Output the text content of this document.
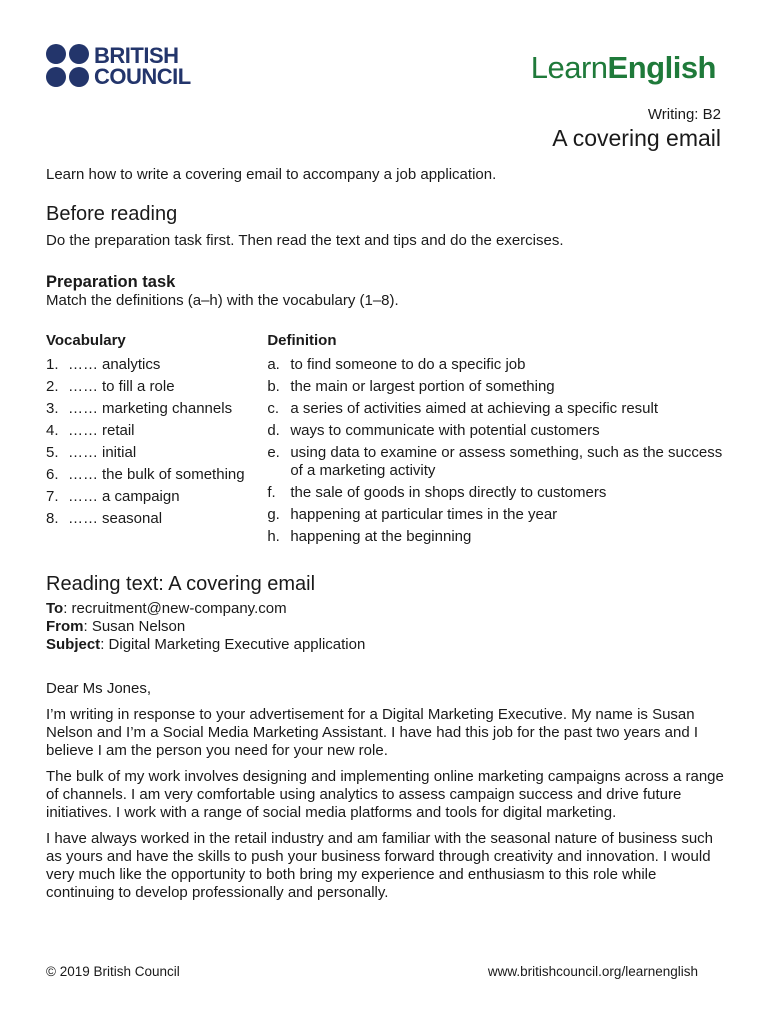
BRITISH
COUNCIL	LearnEnglish
Writing: B2
A covering email

Learn how to write a covering email to accompany a job application.

Before reading

Do the preparation task first. Then read the text and tips and do the exercises.

Preparation task

Match the definitions (a–h) with the vocabulary (1–8).

Vocabulary
1. …… analytics
2. …… to fill a role
3. …… marketing channels
4. …… retail
5. …… initial
6. …… the bulk of something
7. …… a campaign
8. …… seasonal
Definition
a. to find someone to do a specific job
b. the main or largest portion of something
c. a series of activities aimed at achieving a specific result
d. ways to communicate with potential customers
e. using data to examine or assess something, such as the success of a marketing activity
f. the sale of goods in shops directly to customers
g. happening at particular times in the year
h. happening at the beginning
Reading text: A covering email
To: recruitment@new-company.com
From: Susan Nelson
Subject: Digital Marketing Executive application

Dear Ms Jones,

I’m writing in response to your advertisement for a Digital Marketing Executive. My name is Susan Nelson and I’m a Social Media Marketing Assistant. I have had this job for the past two years and I believe I am the person you need for your new role.

The bulk of my work involves designing and implementing online marketing campaigns across a range of channels. I am very comfortable using analytics to assess campaign success and drive future initiatives. I work with a range of social media platforms and tools for digital marketing.

I have always worked in the retail industry and am familiar with the seasonal nature of business such as yours and have the skills to push your business forward through creativity and innovation. I would very much like the opportunity to both bring my experience and enthusiasm to this role while continuing to develop professionally and personally.

© 2019 British Council	www.britishcouncil.org/learnenglish
